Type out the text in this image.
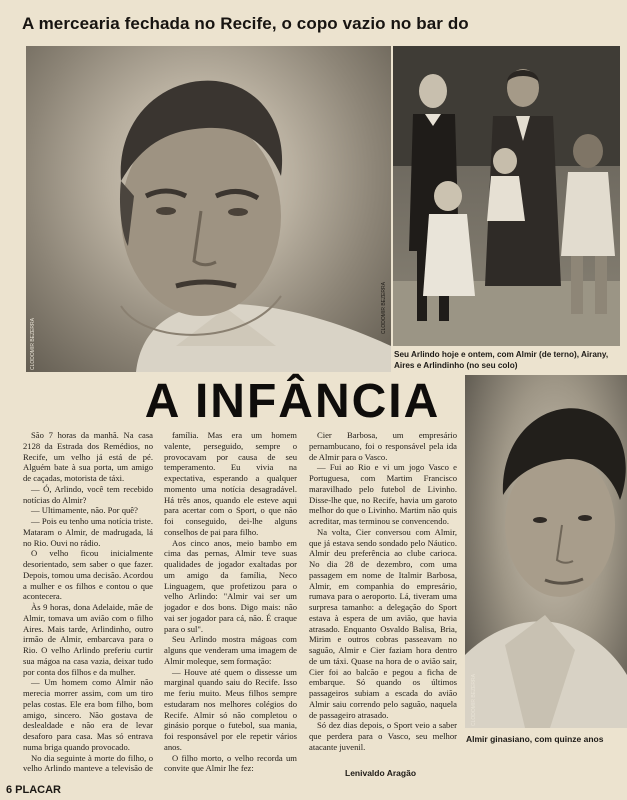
A mercearia fechada no Recife, o copo vazio no bar do
CLODOMIR BEZERRA
CLODOMIR BEZERRA
Seu Arlindo hoje e ontem, com Almir (de terno), Airany, Aires e Arlindinho (no seu colo)
A INFÂNCIA
CLODOMIR BEZERRA
Almir ginasiano, com quinze anos

São 7 horas da manhã. Na casa 2128 da Estrada dos Remédios, no Recife, um velho já está de pé. Alguém bate à sua porta, um amigo de caçadas, motorista de táxi.

— Ó, Arlindo, você tem recebido notícias do Almir?

— Ultimamente, não. Por quê?

— Pois eu tenho uma notícia triste. Mataram o Almir, de madrugada, lá no Rio. Ouvi no rádio.

O velho ficou inicialmente desorientado, sem saber o que fazer. Depois, tomou uma decisão. Acordou a mulher e os filhos e contou o que acontecera.

Às 9 horas, dona Adelaide, mãe de Almir, tomava um avião com o filho Aires. Mais tarde, Arlindinho, outro irmão de Almir, embarcava para o Rio. O velho Arlindo preferiu curtir sua mágoa na casa vazia, deixar tudo por conta dos filhos e da mulher.

— Um homem como Almir não merecia morrer assim, com um tiro pelas costas. Ele era bom filho, bom amigo, sincero. Não gostava de deslealdade e não era de levar desaforo para casa. Mas só entrava numa briga quando provocado.

No dia seguinte à morte do filho, o velho Arlindo manteve a televisão de

família. Mas era um homem valente, perseguido, sempre o provocavam por causa de seu temperamento. Eu vivia na expectativa, esperando a qualquer momento uma notícia desagradável. Há três anos, quando ele esteve aqui para acertar com o Sport, o que não foi conseguido, dei-lhe alguns conselhos de pai para filho.

Aos cinco anos, meio bambo em cima das pernas, Almir teve suas qualidades de jogador exaltadas por um amigo da família, Neco Linguagem, que profetizou para o velho Arlindo: "Almir vai ser um jogador e dos bons. Digo mais: não vai ser jogador para cá, não. É craque para o sul".

Seu Arlindo mostra mágoas com alguns que venderam uma imagem de Almir moleque, sem formação:

— Houve até quem o dissesse um marginal quando saiu do Recife. Isso me feriu muito. Meus filhos sempre estudaram nos melhores colégios do Recife. Almir só não completou o ginásio porque o futebol, sua mania, foi responsável por ele repetir vários anos.

O filho morto, o velho recorda um convite que Almir lhe fez:

Cier Barbosa, um empresário pernambucano, foi o responsável pela ida de Almir para o Vasco.

— Fui ao Rio e vi um jogo Vasco e Portuguesa, com Martim Francisco maravilhado pelo futebol de Livinho. Disse-lhe que, no Recife, havia um garoto melhor do que o Livinho. Martim não quis acreditar, mas terminou se convencendo.

Na volta, Cier conversou com Almir, que já estava sendo sondado pelo Náutico. Almir deu preferência ao clube carioca. No dia 28 de dezembro, com uma passagem em nome de Italmir Barbosa, Almir, em companhia do empresário, rumava para o aeroporto. Lá, tiveram uma surpresa tamanho: a delegação do Sport estava à espera de um avião, que havia atrasado. Enquanto Osvaldo Balisa, Bria, Mirim e outros cobras passeavam no saguão, Almir e Cier faziam hora dentro de um táxi. Quase na hora de o avião sair, Cier foi ao balcão e pegou a ficha de embarque. Só quando os últimos passageiros subiam a escada do avião Almir saiu correndo pelo saguão, naquela de passageiro atrasado.

Só dez dias depois, o Sport veio a saber que perdera para o Vasco, seu melhor atacante juvenil.

Lenivaldo Aragão
6 PLACAR
